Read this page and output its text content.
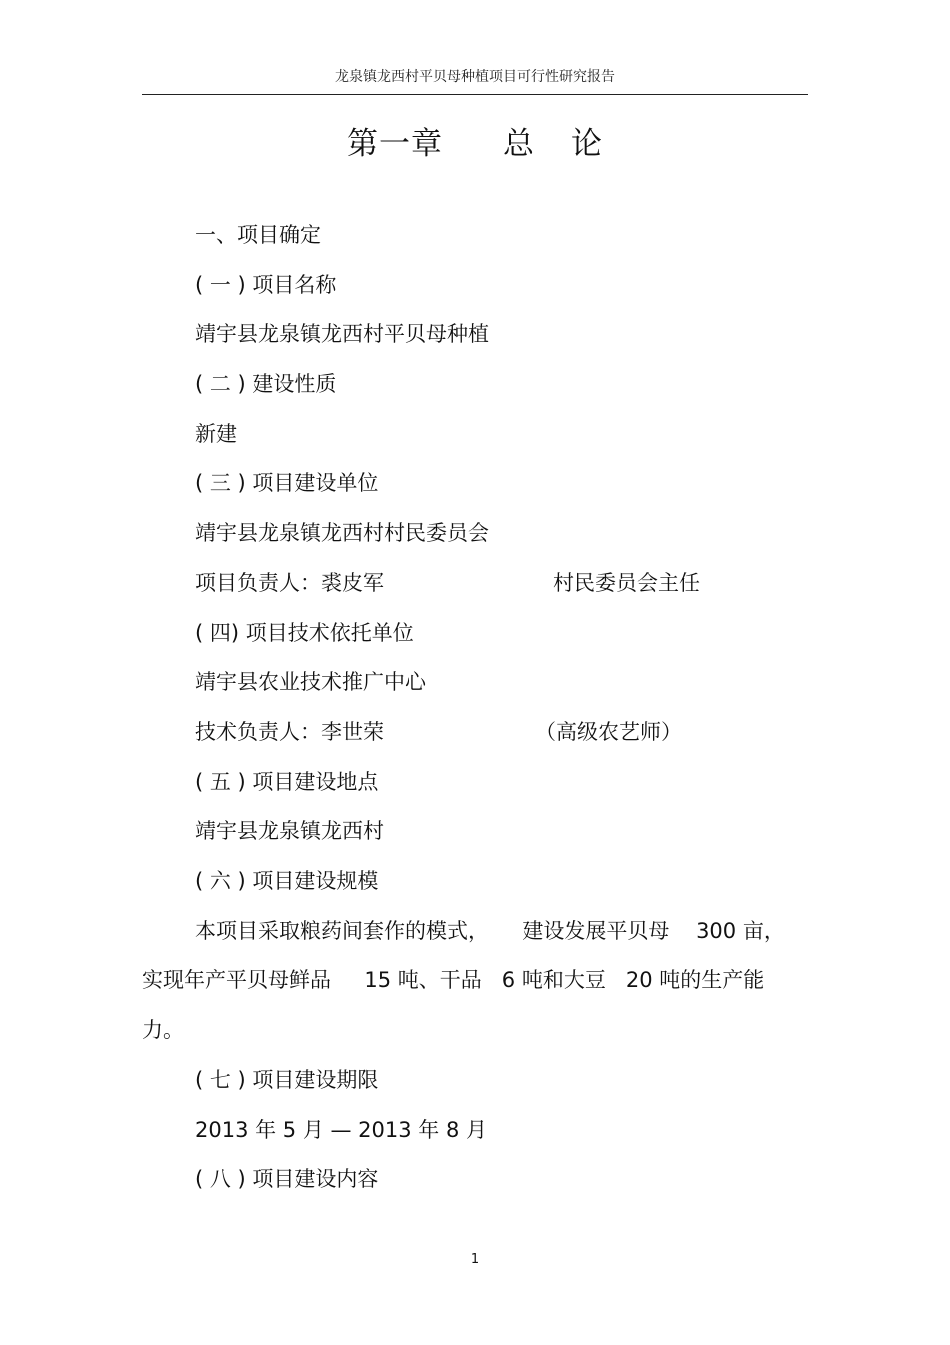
龙泉镇龙西村平贝母种植项目可行性研究报告
第一章 总 论
一、项目确定
( 一 ) 项目名称
靖宇县龙泉镇龙西村平贝母种植
( 二 ) 建设性质
新建
( 三 ) 项目建设单位
靖宇县龙泉镇龙西村村民委员会
项目负责人：裘皮军	村民委员会主任
( 四) 项目技术依托单位
靖宇县农业技术推广中心
技术负责人：李世荣	（高级农艺师）
( 五 ) 项目建设地点
靖宇县龙泉镇龙西村
( 六 ) 项目建设规模
本项目采取粮药间套作的模式，     建设发展平贝母    300 亩，
实现年产平贝母鲜品     15 吨、干品   6 吨和大豆   20 吨的生产能
力。
( 七 ) 项目建设期限
2013 年 5 月 — 2013 年 8 月
( 八 ) 项目建设内容
1
